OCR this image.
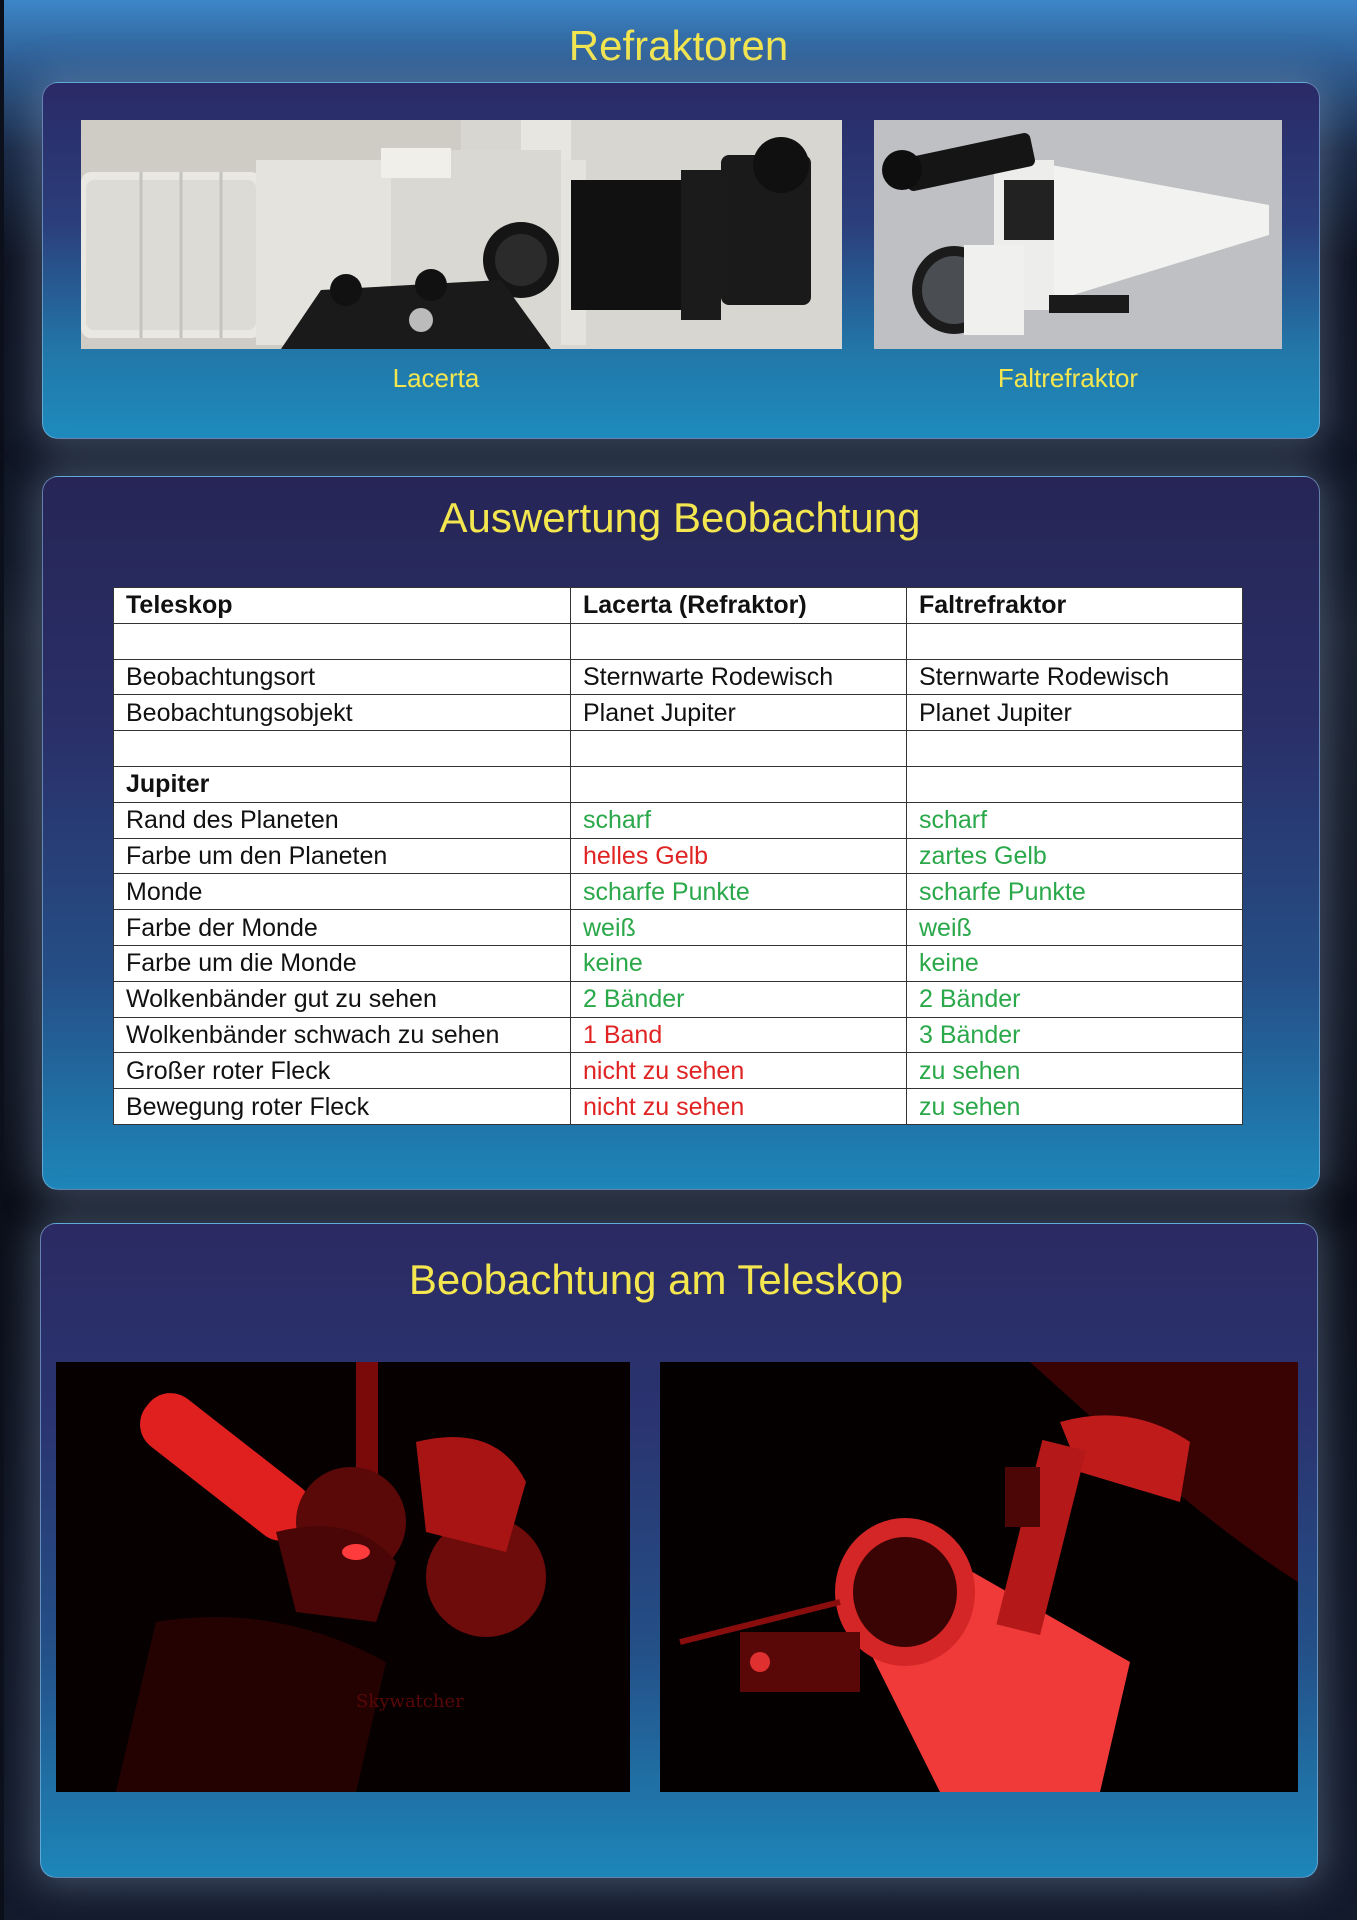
Refraktoren
Lacerta	Faltrefraktor
Auswertung Beobachtung
Teleskop	Lacerta (Refraktor)	Faltrefraktor

Beobachtungsort	Sternwarte Rodewisch	Sternwarte Rodewisch
Beobachtungsobjekt	Planet Jupiter	Planet Jupiter

Jupiter		
Rand des Planeten	scharf	scharf
Farbe um den Planeten	helles Gelb	zartes Gelb
Monde	scharfe Punkte	scharfe Punkte
Farbe der Monde	weiß	weiß
Farbe um die Monde	keine	keine
Wolkenbänder gut zu sehen	2 Bänder	2 Bänder
Wolkenbänder schwach zu sehen	1 Band	3 Bänder
Großer roter Fleck	nicht zu sehen	zu sehen
Bewegung roter Fleck	nicht zu sehen	zu sehen
Beobachtung am Teleskop
Skywatcher
